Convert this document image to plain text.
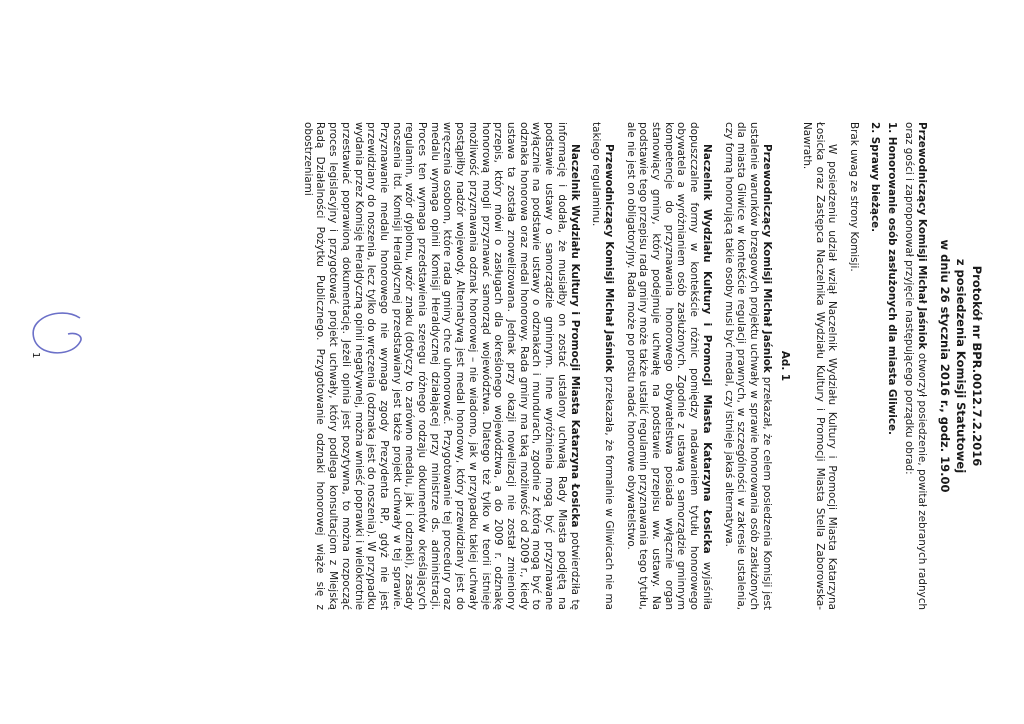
Protokół nr BPR.0012.7.2.2016

z posiedzenia Komisji Statutowej

w dniu 26 stycznia 2016 r., godz. 19.00

Przewodniczący Komisji Michał Jaśniok otworzył posiedzenie, powitał zebranych radnych oraz gości i zaproponował przyjęcie następującego porządku obrad:

1. Honorowanie osób zasłużonych dla miasta Gliwice.

2. Sprawy bieżące.

Brak uwag ze strony Komisji.

W posiedzeniu udział wziął Naczelnik Wydziału Kultury i Promocji Miasta Katarzyna Łosicka oraz Zastępca Naczelnika Wydziału Kultury i Promocji Miasta Stella Zaborowska-Nawrath.

Ad. 1

Przewodniczący Komisji Michał Jaśniok przekazał, że celem posiedzenia Komisji jest ustalenie warunków brzegowych projektu uchwały w sprawie honorowania osób zasłużonych dla miasta Gliwice w kontekście regulacji prawnych, w szczególności w zakresie ustalenia, czy formą honorującą takie osoby musi być medal, czy istnieje jakaś alternatywa.

Naczelnik Wydziału Kultury i Promocji Miasta Katarzyna Łosicka wyjaśniła dopuszczalne formy w kontekście różnic pomiędzy nadawaniem tytułu honorowego obywatela a wyróżnianiem osób zasłużonych. Zgodnie z ustawą o samorządzie gminnym kompetencje do przyznawania honorowego obywatelstwa posiada wyłącznie organ stanowiący gminy, który podejmuje uchwałę na podstawie przepisu ww. ustawy. Na podstawie tego przepisu rada gminy może także ustalić regulamin przyznawania tego tytułu, ale nie jest on obligatoryjny. Rada może po prostu nadać honorowe obywatelstwo.

Przewodniczący Komisji Michał Jaśniok przekazała, że formalnie w Gliwicach nie ma takiego regulaminu.

Naczelnik Wydziału Kultury i Promocji Miasta Katarzyna Łosicka potwierdziła tę informację i dodała, że musiałby on zostać ustalony uchwałą Rady Miasta podjętą na podstawie ustawy o samorządzie gminnym. Inne wyróżnienia mogą być przyznawane wyłącznie na podstawie ustawy o odznakach i mundurach, zgodnie z którą mogą być to odznaka honorowa oraz medal honorowy. Rada gminy ma taką możliwość od 2009 r., kiedy ustawa ta została znowelizowana. Jednak przy okazji nowelizacji nie został zmieniony przepis, który mówi o zasługach dla określonego województwa, a do 2009 r. odznakę honorową mogli przyznawać samorząd województwa. Dlatego też tylko w teorii istnieje możliwość przyznawania odznak honorowej – nie wiadomo, jak w przypadku takiej uchwały postąpiłby nadzór wojewody. Alternatywą jest medal honorowy, który przewidziany jest do wręczenia osobom, które rada gminy chce uhonorować. Przygotowanie tej procedury oraz medalu wymaga opinii Komisji Heraldycznej działającej przy ministrze ds. administracji. Proces ten wymaga przedstawienia szeregu różnego rodzaju dokumentów określających regulamin, wzór dyplomu, wzór znaku (dotyczy to zarówno medalu, jak i odznaki), zasady noszenia itd. Komisji Heraldycznej przedstawiany jest także projekt uchwały w tej sprawie. Przyznawanie medalu honorowego nie wymaga zgody Prezydenta RP, gdyż nie jest przewidziany do noszenia, lecz tylko do wręczenia (odznaka jest do noszenia). W przypadku wydania przez Komisję Heraldyczną opinii negatywnej, można wnieść poprawki i wielokrotnie przestawiać poprawioną dokumentację. Jeżeli opinia jest pozytywna, to można rozpocząć proces legislacyjny i przygotować projekt uchwały, który podlega konsultacjom z Miejską Radą Działalności Pożytku Publicznego. Przygotowanie odznaki honorowej wiąże się z obostrzeniami

1
